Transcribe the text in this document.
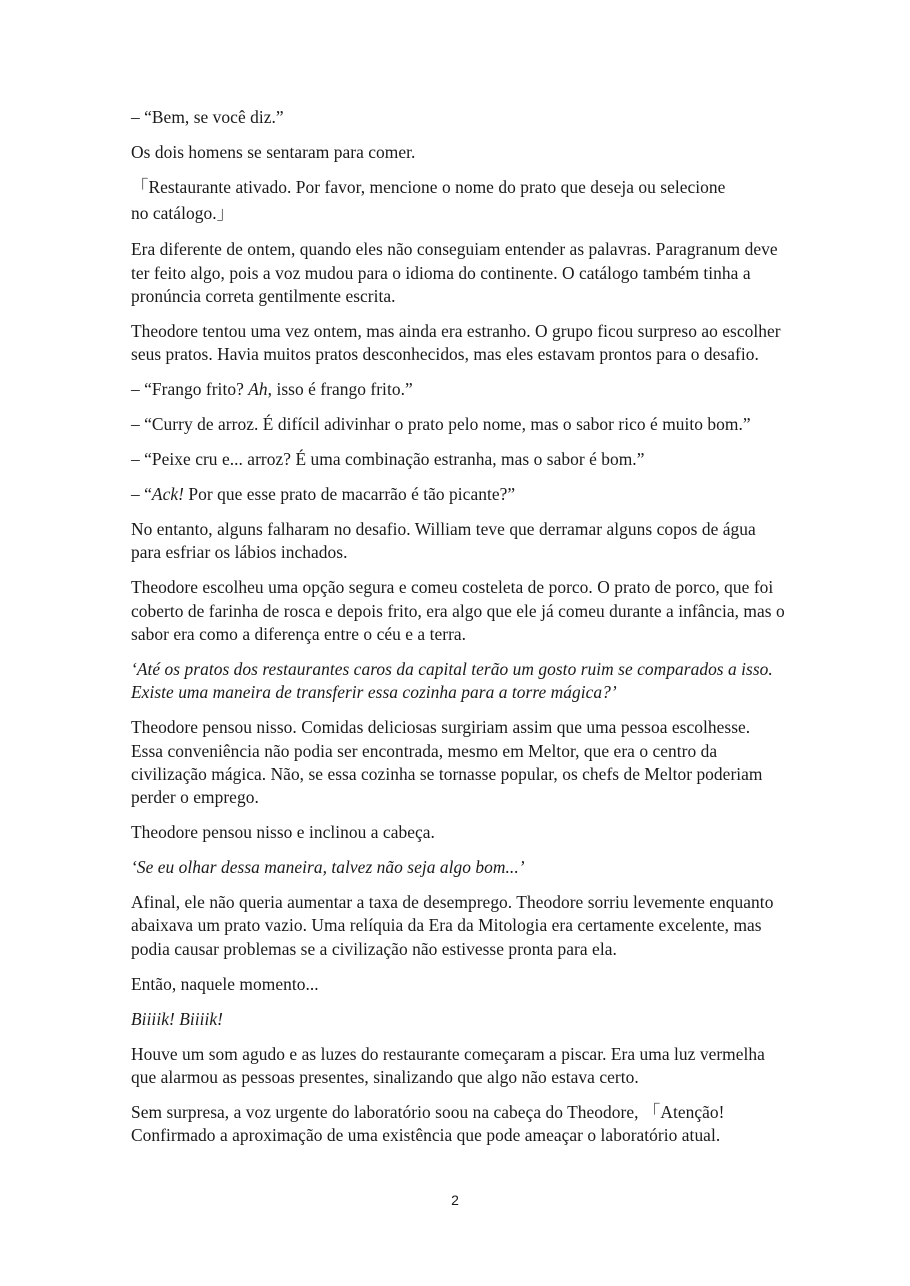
– “Bem, se você diz.”

Os dois homens se sentaram para comer.

「Restaurante ativado. Por favor, mencione o nome do prato que deseja ou selecione
no catálogo.」

Era diferente de ontem, quando eles não conseguiam entender as palavras. Paragranum deve ter feito algo, pois a voz mudou para o idioma do continente. O catálogo também tinha a pronúncia correta gentilmente escrita.

Theodore tentou uma vez ontem, mas ainda era estranho. O grupo ficou surpreso ao escolher seus pratos. Havia muitos pratos desconhecidos, mas eles estavam prontos para o desafio.

– “Frango frito? Ah, isso é frango frito.”

– “Curry de arroz. É difícil adivinhar o prato pelo nome, mas o sabor rico é muito bom.”

– “Peixe cru e... arroz? É uma combinação estranha, mas o sabor é bom.”

– “Ack! Por que esse prato de macarrão é tão picante?”

No entanto, alguns falharam no desafio. William teve que derramar alguns copos de água para esfriar os lábios inchados.

Theodore escolheu uma opção segura e comeu costeleta de porco. O prato de porco, que foi coberto de farinha de rosca e depois frito, era algo que ele já comeu durante a infância, mas o sabor era como a diferença entre o céu e a terra.

‘Até os pratos dos restaurantes caros da capital terão um gosto ruim se comparados a isso. Existe uma maneira de transferir essa cozinha para a torre mágica?’

Theodore pensou nisso. Comidas deliciosas surgiriam assim que uma pessoa escolhesse. Essa conveniência não podia ser encontrada, mesmo em Meltor, que era o centro da civilização mágica. Não, se essa cozinha se tornasse popular, os chefs de Meltor poderiam perder o emprego.

Theodore pensou nisso e inclinou a cabeça.

‘Se eu olhar dessa maneira, talvez não seja algo bom...’

Afinal, ele não queria aumentar a taxa de desemprego. Theodore sorriu levemente enquanto abaixava um prato vazio. Uma relíquia da Era da Mitologia era certamente excelente, mas podia causar problemas se a civilização não estivesse pronta para ela.

Então, naquele momento...

Biiiik! Biiiik!

Houve um som agudo e as luzes do restaurante começaram a piscar. Era uma luz vermelha que alarmou as pessoas presentes, sinalizando que algo não estava certo.

Sem surpresa, a voz urgente do laboratório soou na cabeça do Theodore, 「Atenção! Confirmado a aproximação de uma existência que pode ameaçar o laboratório atual.

2
